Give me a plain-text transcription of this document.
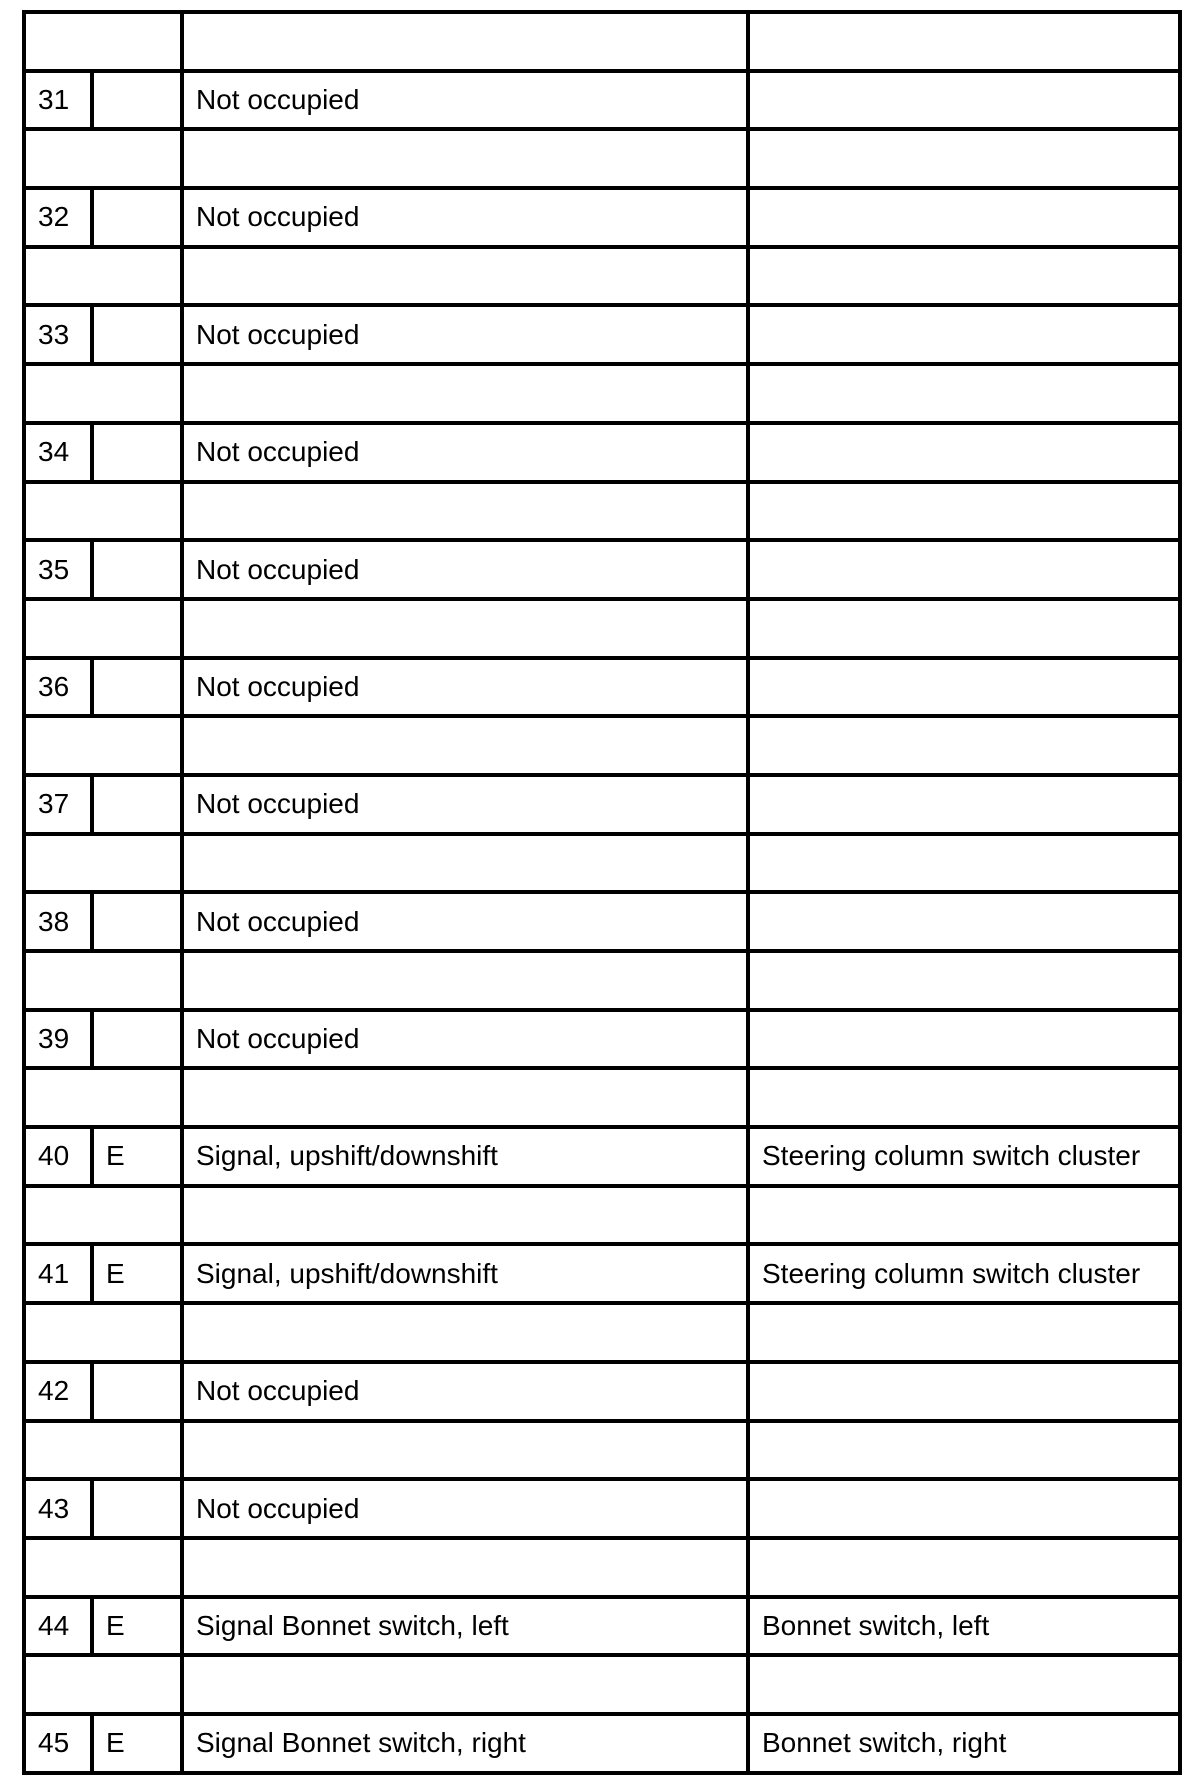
31		Not occupied	

32		Not occupied	

33		Not occupied	

34		Not occupied	

35		Not occupied	

36		Not occupied	

37		Not occupied	

38		Not occupied	

39		Not occupied	

40	E	Signal, upshift/downshift	Steering column switch cluster

41	E	Signal, upshift/downshift	Steering column switch cluster

42		Not occupied	

43		Not occupied	

44	E	Signal Bonnet switch, left	Bonnet switch, left

45	E	Signal Bonnet switch, right	Bonnet switch, right
